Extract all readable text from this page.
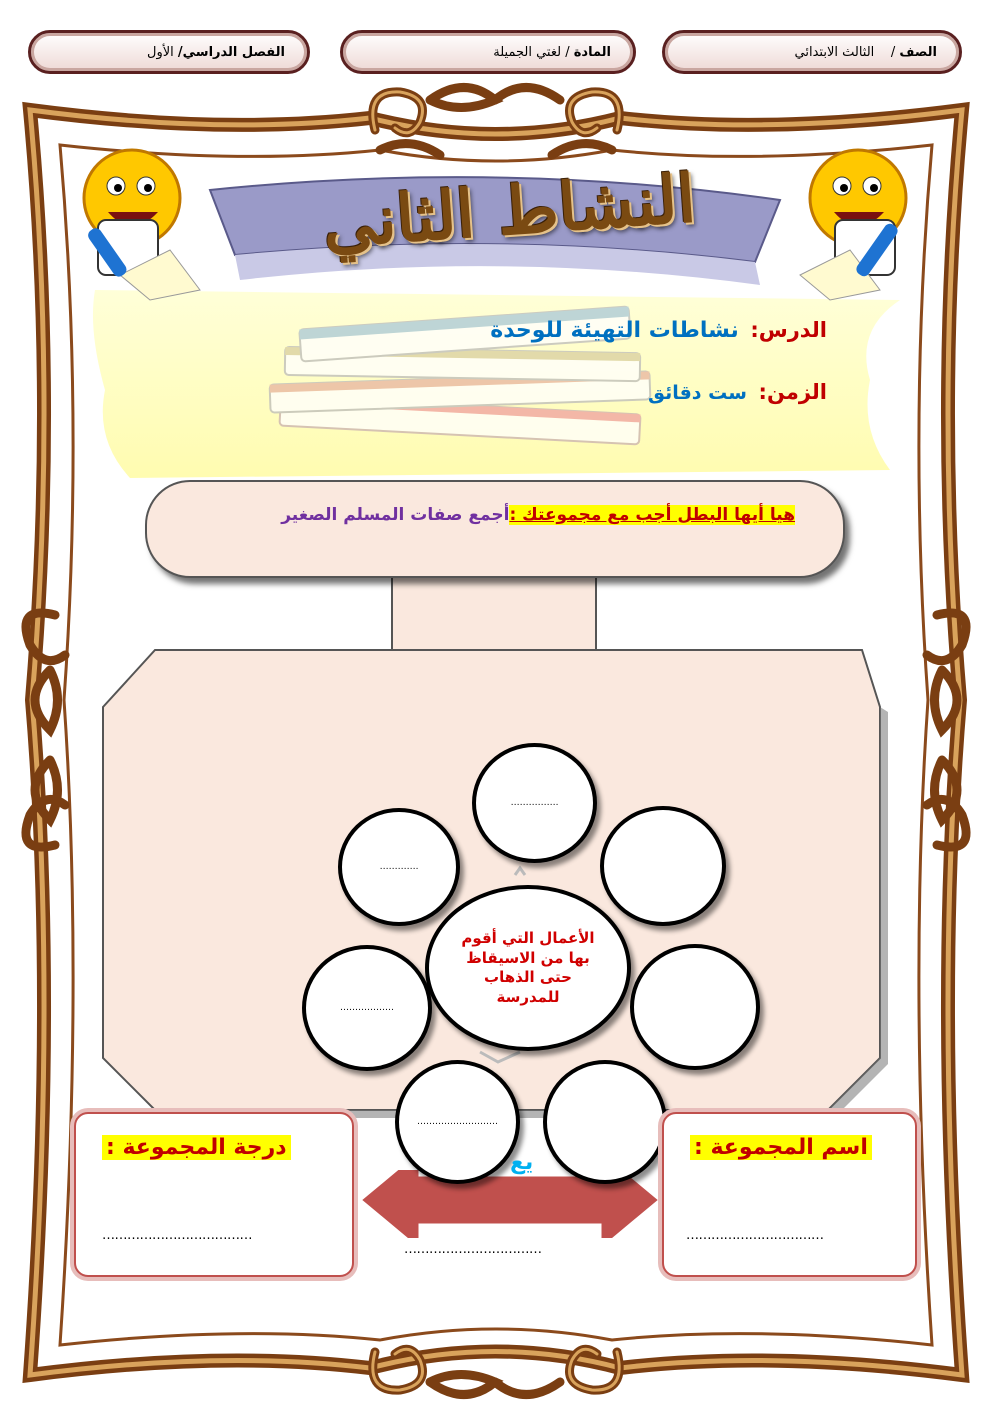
الفصل الدراسي/ الأول	المادة / لغتي الجميلة	الصف /    الثالث الابتدائي
النشاط الثاني
الدرس: نشاطات التهيئة للوحدة
الزمن: ست دقائق
هيا أيها البطل أجب مع مجموعتك :أجمع صفات المسلم الصغير
…………….
………….
………………
………………………
الأعمال التي أقوم بها من الاسيقاظ حتى الذهاب للمدرسة
درجة المجموعة :
………………………………
اسم المجموعة :
……………………………
يع
……………………………
